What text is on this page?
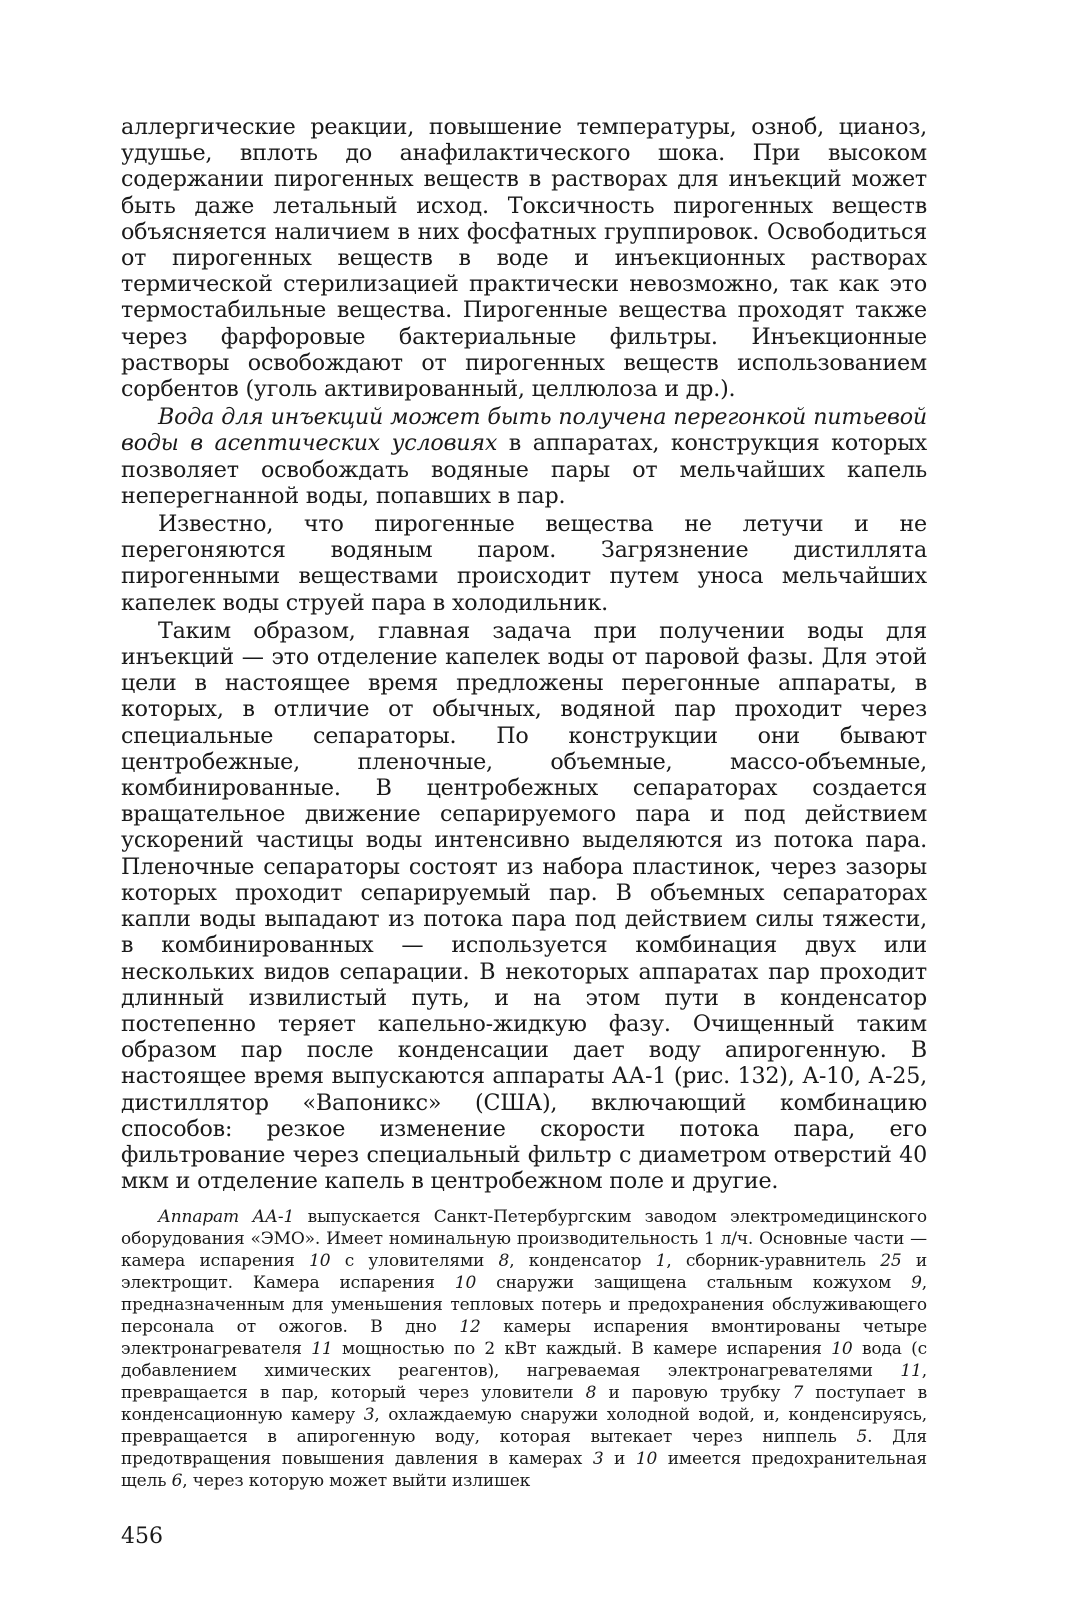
аллергические реакции, повышение температуры, озноб, цианоз, удушье, вплоть до анафилактического шока. При высоком содержании пирогенных веществ в растворах для инъекций может быть даже летальный исход. Токсичность пирогенных веществ объясняется наличием в них фосфатных группировок. Освободиться от пирогенных веществ в воде и инъекционных растворах термической стерилизацией практически невозможно, так как это термостабильные вещества. Пирогенные вещества проходят также через фарфоровые бактериальные фильтры. Инъекционные растворы освобождают от пирогенных веществ использованием сорбентов (уголь активированный, целлюлоза и др.).

Вода для инъекций может быть получена перегонкой питьевой воды в асептических условиях в аппаратах, конструкция которых позволяет освобождать водяные пары от мельчайших капель неперегнанной воды, попавших в пар.

Известно, что пирогенные вещества не летучи и не перегоняются водяным паром. Загрязнение дистиллята пирогенными веществами происходит путем уноса мельчайших капелек воды струей пара в холодильник.

Таким образом, главная задача при получении воды для инъекций — это отделение капелек воды от паровой фазы. Для этой цели в настоящее время предложены перегонные аппараты, в которых, в отличие от обычных, водяной пар проходит через специальные сепараторы. По конструкции они бывают центробежные, пленочные, объемные, массо-объемные, комбинированные. В центробежных сепараторах создается вращательное движение сепарируемого пара и под действием ускорений частицы воды интенсивно выделяются из потока пара. Пленочные сепараторы состоят из набора пластинок, через зазоры которых проходит сепарируемый пар. В объемных сепараторах капли воды выпадают из потока пара под действием силы тяжести, в комбинированных — используется комбинация двух или нескольких видов сепарации. В некоторых аппаратах пар проходит длинный извилистый путь, и на этом пути в конденсатор постепенно теряет капельно-жидкую фазу. Очищенный таким образом пар после конденсации дает воду апирогенную. В настоящее время выпускаются аппараты АА-1 (рис. 132), А-10, А-25, дистиллятор «Вапоникс» (США), включающий комбинацию способов: резкое изменение скорости потока пара, его фильтрование через специальный фильтр с диаметром отверстий 40 мкм и отделение капель в центробежном поле и другие.

Аппарат АА-1 выпускается Санкт-Петербургским заводом электромедицинского оборудования «ЭМО». Имеет номинальную производительность 1 л/ч. Основные части — камера испарения 10 с уловителями 8, конденсатор 1, сборник-уравнитель 25 и электрощит. Камера испарения 10 снаружи защищена стальным кожухом 9, предназначенным для уменьшения тепловых потерь и предохранения обслуживающего персонала от ожогов. В дно 12 камеры испарения вмонтированы четыре электронагревателя 11 мощностью по 2 кВт каждый. В камере испарения 10 вода (с добавлением химических реагентов), нагреваемая электронагревателями 11, превращается в пар, который через уловители 8 и паровую трубку 7 поступает в конденсационную камеру 3, охлаждаемую снаружи холодной водой, и, конденсируясь, превращается в апирогенную воду, которая вытекает через ниппель 5. Для предотвращения повышения давления в камерах 3 и 10 имеется предохранительная щель 6, через которую может выйти излишек

456
